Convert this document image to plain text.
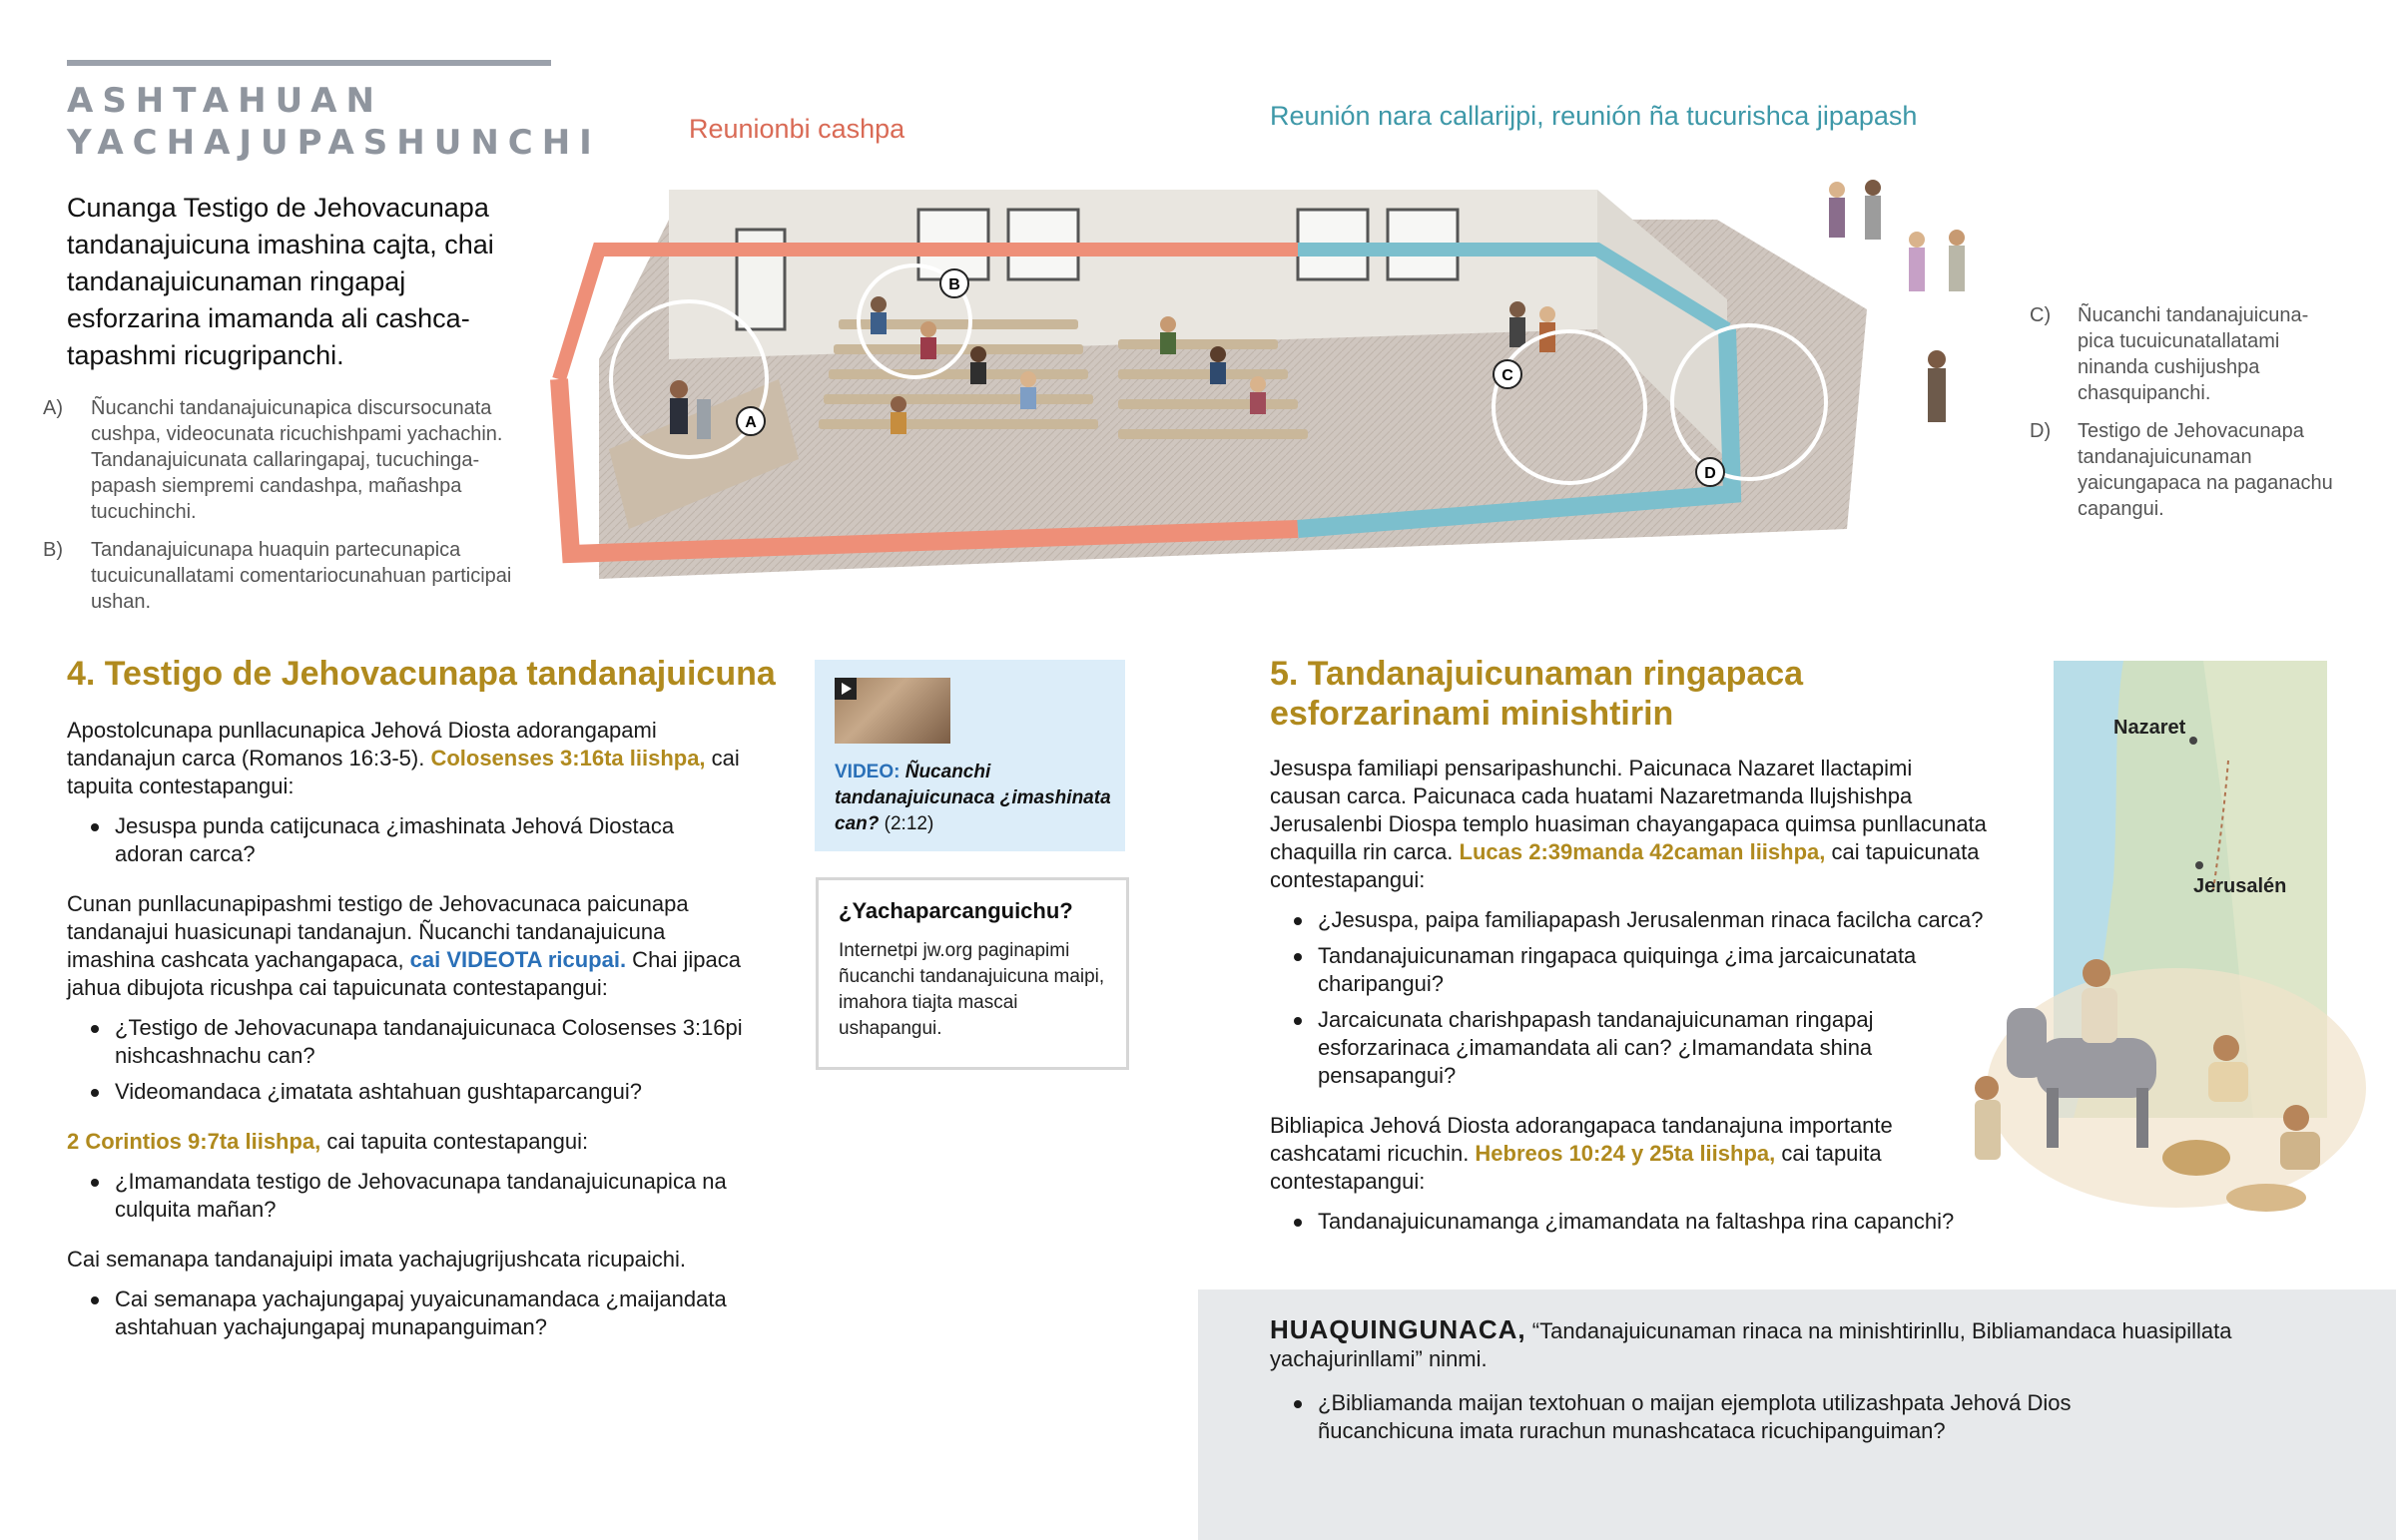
ASHTAHUAN
YACHAJUPASHUNCHI
Cunanga Testigo de Jehovacunapa tandanajuicuna imashina cajta, chai tandanajuicunaman ringapaj esforzarina imamanda ali cashca-tapashmi ricugripanchi.
A) Ñucanchi tandanajuicunapica discursocunata cushpa, videocunata ricuchishpami yachachin. Tandanajuicunata callaringapaj, tucuchinga-papash siempremi candashpa, mañashpa tucuchinchi.
B) Tandanajuicunapa huaquin partecunapica tucuicunallatami comentariocunahuan participai ushan.
Reunionbi cashpa	Reunión nara callarijpi, reunión ña tucurishca jipapash
A
B
C
D
C) Ñucanchi tandanajuicuna-pica tucuicunatallatami ninanda cushijushpa chasquipanchi.
D) Testigo de Jehovacunapa tandanajuicunaman yaicungapaca na paganachu capangui.
4. Testigo de Jehovacunapa tandanajuicuna

Apostolcunapa punllacunapica Jehová Diosta adorangapami tandanajun carca (Romanos 16:3-5). Colosenses 3:16ta liishpa, cai tapuita contestapangui:

Jesuspa punda catijcunaca ¿imashinata Jehová Diostaca adoran carca?

Cunan punllacunapipashmi testigo de Jehovacunaca paicunapa tandanajui huasicunapi tandanajun. Ñucanchi tandanajuicuna imashina cashcata yachangapaca, cai VIDEOTA ricupai. Chai jipaca jahua dibujota ricushpa cai tapuicunata contestapangui:

¿Testigo de Jehovacunapa tandanajuicunaca Colosenses 3:16pi nishcashnachu can?
Videomandaca ¿imatata ashtahuan gushtaparcangui?

2 Corintios 9:7ta liishpa, cai tapuita contestapangui:

¿Imamandata testigo de Jehovacunapa tandanajuicunapica na culquita mañan?

Cai semanapa tandanajuipi imata yachajugrijushcata ricupaichi.

Cai semanapa yachajungapaj yuyaicunamandaca ¿maijandata ashtahuan yachajungapaj munapanguiman?
VIDEO: Ñucanchi tandanajuicunaca ¿imashinata can? (2:12)
¿Yachaparcanguichu?
Internetpi jw.org paginapimi ñucanchi tandanajuicuna maipi, imahora tiajta mascai ushapangui.
5. Tandanajuicunaman ringapaca
esforzarinami minishtirin

Jesuspa familiapi pensaripashunchi. Paicunaca Nazaret llactapimi causan carca. Paicunaca cada huatami Nazaretmanda llujshishpa Jerusalenbi Diospa templo huasiman chayangapaca quimsa punllacunata chaquilla rin carca. Lucas 2:39manda 42caman liishpa, cai tapuicunata contestapangui:

¿Jesuspa, paipa familiapapash Jerusalenman rinaca facilcha carca?
Tandanajuicunaman ringapaca quiquinga ¿ima jarcaicunatata charipangui?
Jarcaicunata charishpapash tandanajuicunaman ringapaj esforzarinaca ¿imamandata ali can? ¿Imamandata shina pensapangui?

Bibliapica Jehová Diosta adorangapaca tandanajuna importante cashcatami ricuchin. Hebreos 10:24 y 25ta liishpa, cai tapuita contestapangui:

Tandanajuicunamanga ¿imamandata na faltashpa rina capanchi?
Nazaret
Jerusalén
HUAQUINGUNACA, “Tandanajuicunaman rinaca na minishtirinllu, Bibliamandaca huasipillata yachajurinllami” ninmi.
¿Bibliamanda maijan textohuan o maijan ejemplota utilizashpata Jehová Dios ñucanchicuna imata rurachun munashcataca ricuchipanguiman?
